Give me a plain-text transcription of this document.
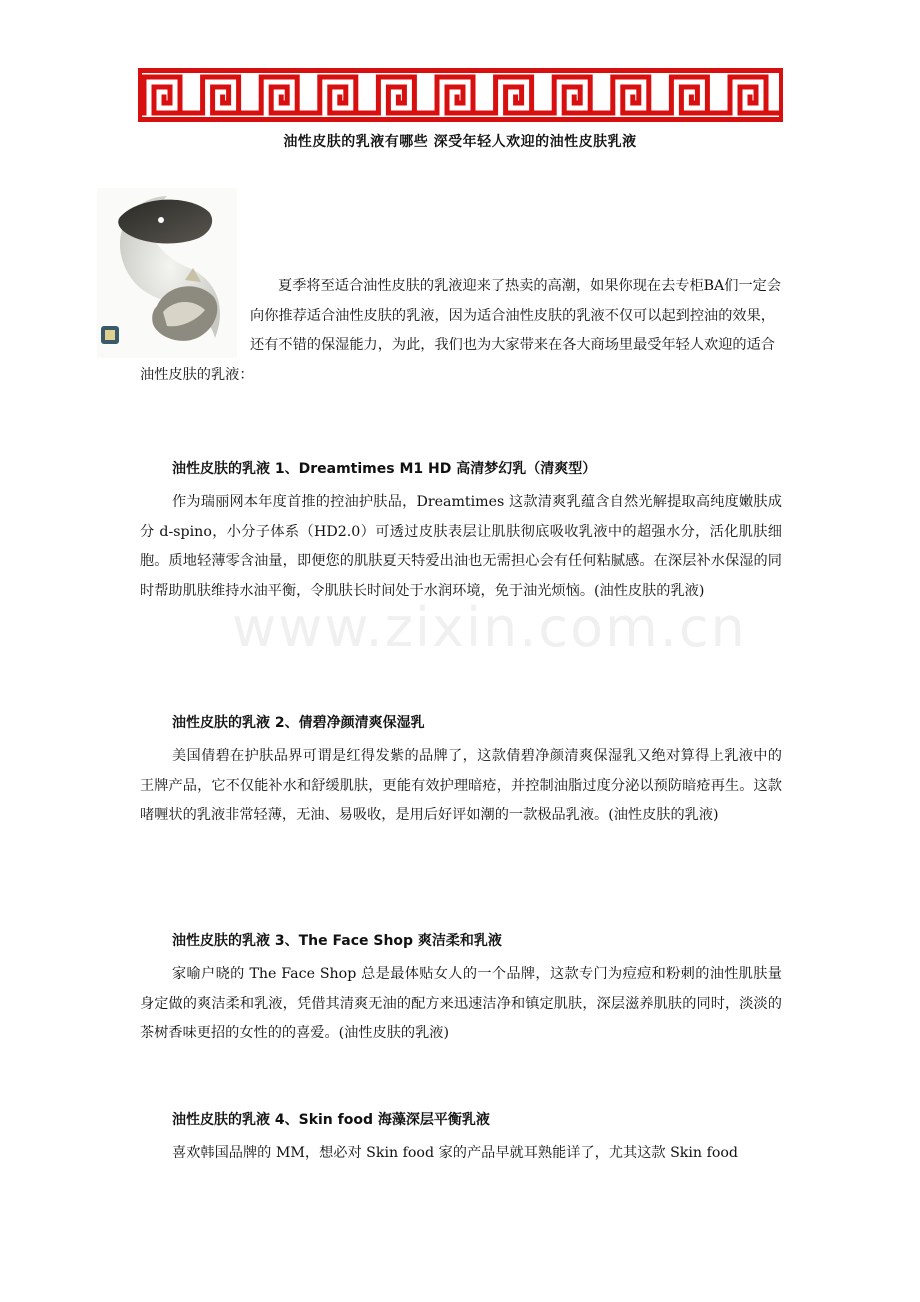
油性皮肤的乳液有哪些 深受年轻人欢迎的油性皮肤乳液
www.zixin.com.cn

夏季将至适合油性皮肤的乳液迎来了热卖的高潮，如果你现在去专柜BA们一定会向你推荐适合油性皮肤的乳液，因为适合油性皮肤的乳液不仅可以起到控油的效果，还有不错的保湿能力，为此，我们也为大家带来在各大商场里最受年轻人欢迎的适合油性皮肤的乳液：

油性皮肤的乳液 1、Dreamtimes M1 HD 高清梦幻乳（清爽型）

作为瑞丽网本年度首推的控油护肤品，Dreamtimes 这款清爽乳蕴含自然光解提取高纯度嫩肤成分 d-spino，小分子体系（HD2.0）可透过皮肤表层让肌肤彻底吸收乳液中的超强水分，活化肌肤细胞。质地轻薄零含油量，即便您的肌肤夏天特爱出油也无需担心会有任何粘腻感。在深层补水保湿的同时帮助肌肤维持水油平衡，令肌肤长时间处于水润环境，免于油光烦恼。(油性皮肤的乳液)

油性皮肤的乳液 2、倩碧净颜清爽保湿乳

美国倩碧在护肤品界可谓是红得发紫的品牌了，这款倩碧净颜清爽保湿乳又绝对算得上乳液中的王牌产品，它不仅能补水和舒缓肌肤，更能有效护理暗疮，并控制油脂过度分泌以预防暗疮再生。这款啫喱状的乳液非常轻薄，无油、易吸收，是用后好评如潮的一款极品乳液。(油性皮肤的乳液)

油性皮肤的乳液 3、The Face Shop 爽洁柔和乳液

家喻户晓的 The Face Shop 总是最体贴女人的一个品牌，这款专门为痘痘和粉刺的油性肌肤量身定做的爽洁柔和乳液，凭借其清爽无油的配方来迅速洁净和镇定肌肤，深层滋养肌肤的同时，淡淡的茶树香味更招的女性的的喜爱。(油性皮肤的乳液)

油性皮肤的乳液 4、Skin food 海藻深层平衡乳液

喜欢韩国品牌的 MM，想必对 Skin food 家的产品早就耳熟能详了，尤其这款 Skin food
